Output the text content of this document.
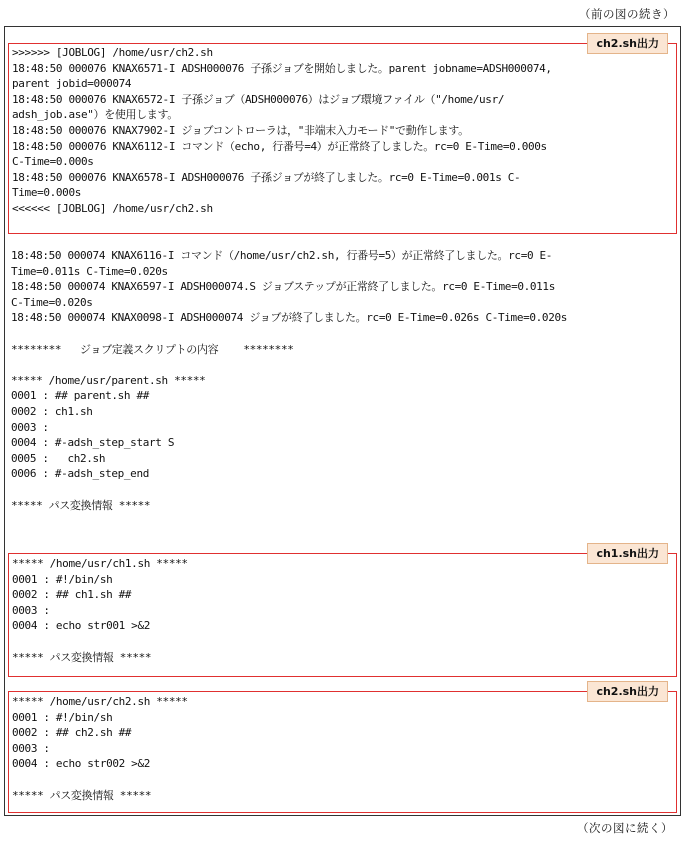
（前の図の続き）
ch2.sh出力
>>>>>> [JOBLOG] /home/usr/ch2.sh
18:48:50 000076 KNAX6571-I ADSH000076 子孫ジョブを開始しました。parent jobname=ADSH000074,
parent jobid=000074
18:48:50 000076 KNAX6572-I 子孫ジョブ（ADSH000076）はジョブ環境ファイル（"/home/usr/
adsh_job.ase"）を使用します。
18:48:50 000076 KNAX7902-I ジョブコントローラは，"非端末入力モード"で動作します。
18:48:50 000076 KNAX6112-I コマンド（echo, 行番号=4）が正常終了しました。rc=0 E-Time=0.000s
C-Time=0.000s
18:48:50 000076 KNAX6578-I ADSH000076 子孫ジョブが終了しました。rc=0 E-Time=0.001s C-
Time=0.000s
<<<<<< [JOBLOG] /home/usr/ch2.sh
18:48:50 000074 KNAX6116-I コマンド（/home/usr/ch2.sh, 行番号=5）が正常終了しました。rc=0 E-
Time=0.011s C-Time=0.020s
18:48:50 000074 KNAX6597-I ADSH000074.S ジョブステップが正常終了しました。rc=0 E-Time=0.011s
C-Time=0.020s
18:48:50 000074 KNAX0098-I ADSH000074 ジョブが終了しました。rc=0 E-Time=0.026s C-Time=0.020s
********   ジョブ定義スクリプトの内容    ********
***** /home/usr/parent.sh *****
0001 : ## parent.sh ##
0002 : ch1.sh
0003 :
0004 : #-adsh_step_start S
0005 :   ch2.sh
0006 : #-adsh_step_end
***** パス変換情報 *****
ch1.sh出力
***** /home/usr/ch1.sh *****
0001 : #!/bin/sh
0002 : ## ch1.sh ##
0003 :
0004 : echo str001 >&2
***** パス変換情報 *****
ch2.sh出力
***** /home/usr/ch2.sh *****
0001 : #!/bin/sh
0002 : ## ch2.sh ##
0003 :
0004 : echo str002 >&2
***** パス変換情報 *****
（次の図に続く）
